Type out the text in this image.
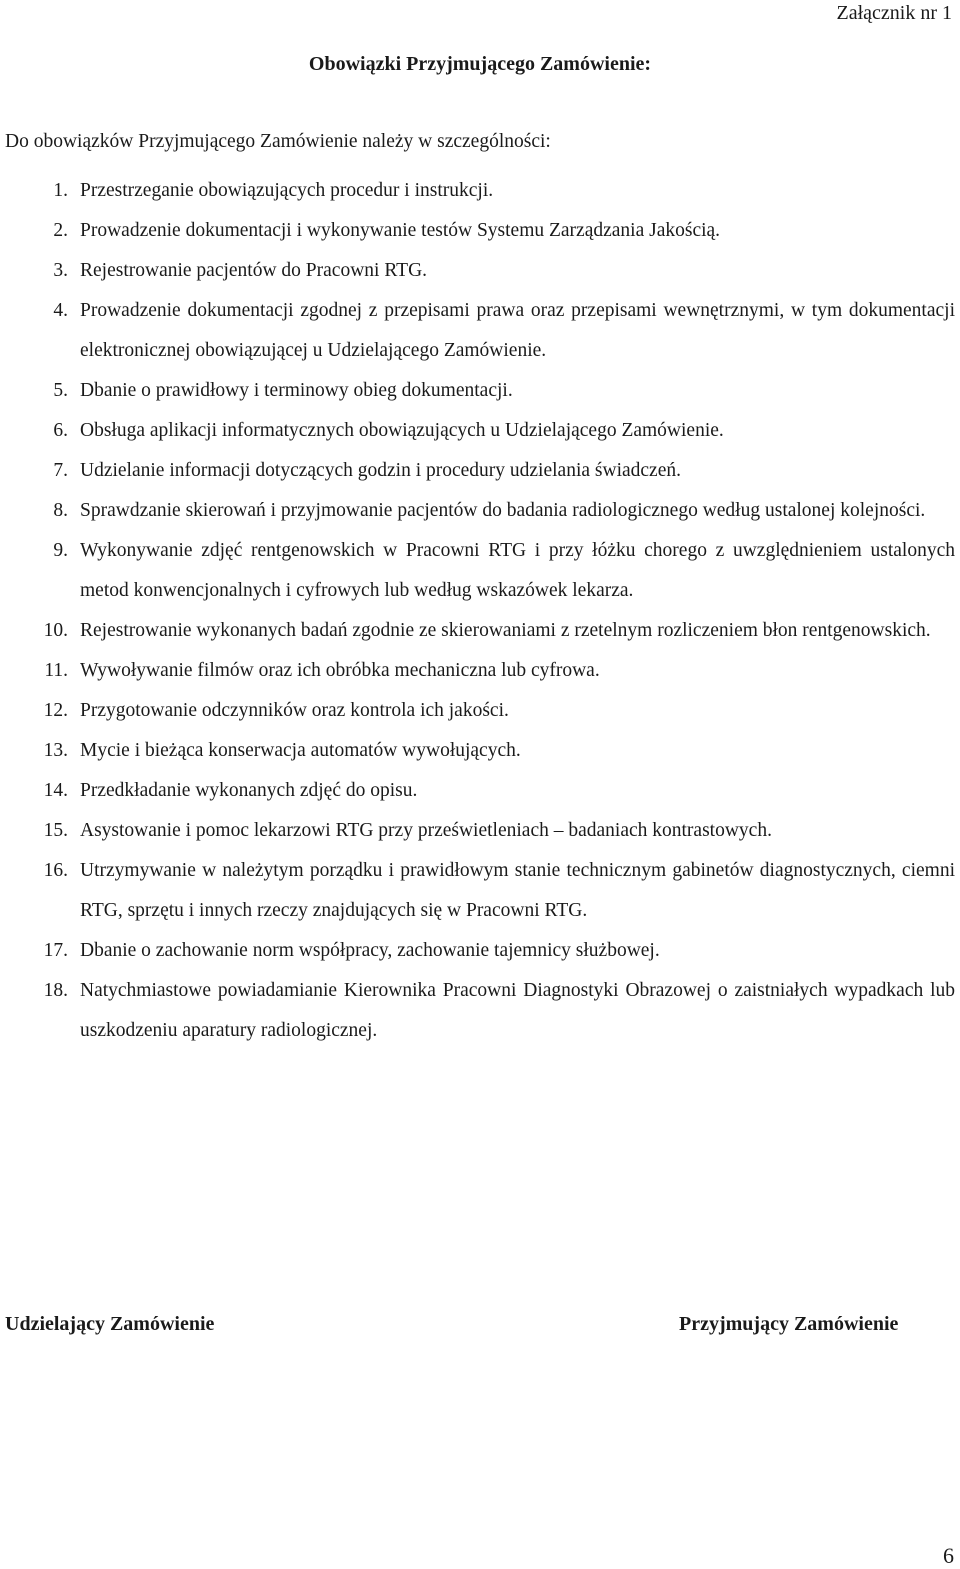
Załącznik nr 1
Obowiązki Przyjmującego Zamówienie:
Do obowiązków Przyjmującego Zamówienie należy w szczególności:
1. Przestrzeganie obowiązujących procedur i instrukcji.
2. Prowadzenie dokumentacji i wykonywanie testów Systemu Zarządzania Jakością.
3. Rejestrowanie pacjentów do Pracowni RTG.
4. Prowadzenie dokumentacji zgodnej z przepisami prawa oraz przepisami wewnętrznymi, w tym dokumentacji elektronicznej obowiązującej u Udzielającego Zamówienie.
5. Dbanie o prawidłowy i terminowy obieg dokumentacji.
6. Obsługa aplikacji informatycznych obowiązujących u Udzielającego Zamówienie.
7. Udzielanie informacji dotyczących godzin i procedury udzielania świadczeń.
8. Sprawdzanie skierowań i przyjmowanie pacjentów do badania radiologicznego według ustalonej kolejności.
9. Wykonywanie zdjęć rentgenowskich w Pracowni RTG i przy łóżku chorego z uwzględnieniem ustalonych metod konwencjonalnych i cyfrowych lub według wskazówek lekarza.
10. Rejestrowanie wykonanych badań zgodnie ze skierowaniami z rzetelnym rozliczeniem błon rentgenowskich.
11. Wywoływanie filmów oraz ich obróbka mechaniczna lub cyfrowa.
12. Przygotowanie odczynników oraz kontrola ich jakości.
13. Mycie i bieżąca konserwacja automatów wywołujących.
14. Przedkładanie wykonanych zdjęć do opisu.
15. Asystowanie i pomoc lekarzowi RTG przy prześwietleniach – badaniach kontrastowych.
16. Utrzymywanie w należytym porządku i prawidłowym stanie technicznym gabinetów diagnostycznych, ciemni RTG, sprzętu i innych rzeczy znajdujących się w Pracowni RTG.
17. Dbanie o zachowanie norm współpracy, zachowanie tajemnicy służbowej.
18. Natychmiastowe powiadamianie Kierownika Pracowni Diagnostyki Obrazowej o zaistniałych wypadkach lub uszkodzeniu aparatury radiologicznej.
Udzielający Zamówienie	Przyjmujący Zamówienie
6
